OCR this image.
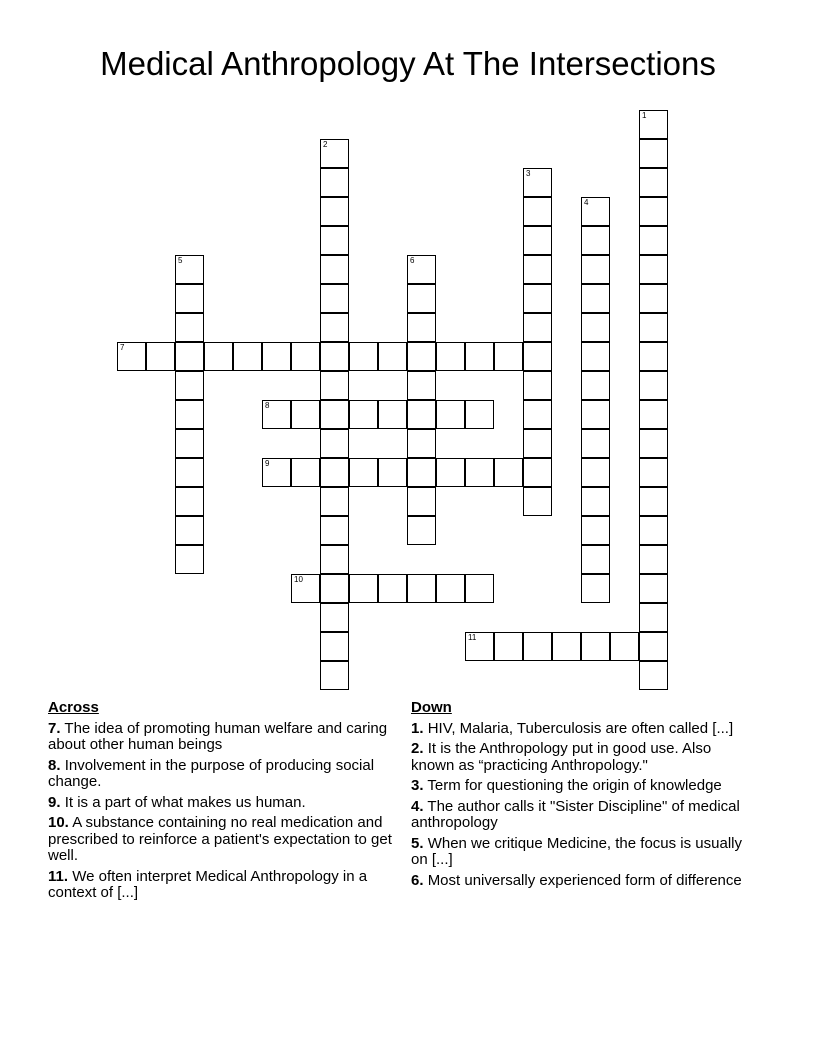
Medical Anthropology At The Intersections
1
2
3
4
5	6
7
8
9
10
11
Across
7. The idea of promoting human welfare and caring about other human beings
8. Involvement in the purpose of producing social change.
9. It is a part of what makes us human.
10. A substance containing no real medication and prescribed to reinforce a patient's expectation to get well.
11. We often interpret Medical Anthropology in a context of [...]
Down
1. HIV, Malaria, Tuberculosis are often called [...]
2. It is the Anthropology put in good use. Also known as “practicing Anthropology."
3. Term for questioning the origin of knowledge
4. The author calls it "Sister Discipline" of medical anthropology
5. When we critique Medicine, the focus is usually on [...]
6. Most universally experienced form of difference
